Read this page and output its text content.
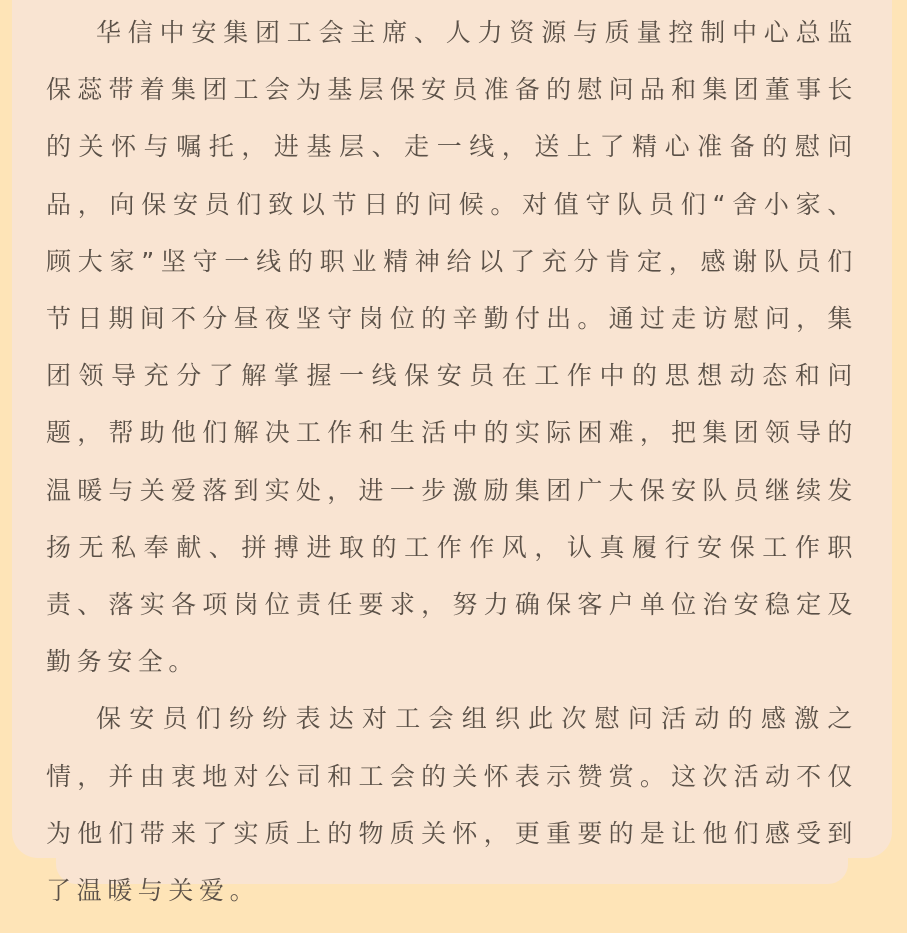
华信中安集团工会主席、人力资源与质量控制中心总监保蕊带着集团工会为基层保安员准备的慰问品和集团董事长的关怀与嘱托，进基层、走一线，送上了精心准备的慰问品，向保安员们致以节日的问候。对值守队员们“舍小家、顾大家”坚守一线的职业精神给以了充分肯定，感谢队员们节日期间不分昼夜坚守岗位的辛勤付出。通过走访慰问，集团领导充分了解掌握一线保安员在工作中的思想动态和问题，帮助他们解决工作和生活中的实际困难，把集团领导的温暖与关爱落到实处，进一步激励集团广大保安队员继续发扬无私奉献、拼搏进取的工作作风，认真履行安保工作职责、落实各项岗位责任要求，努力确保客户单位治安稳定及勤务安全。

保安员们纷纷表达对工会组织此次慰问活动的感激之情，并由衷地对公司和工会的关怀表示赞赏。这次活动不仅为他们带来了实质上的物质关怀，更重要的是让他们感受到了温暖与关爱。
